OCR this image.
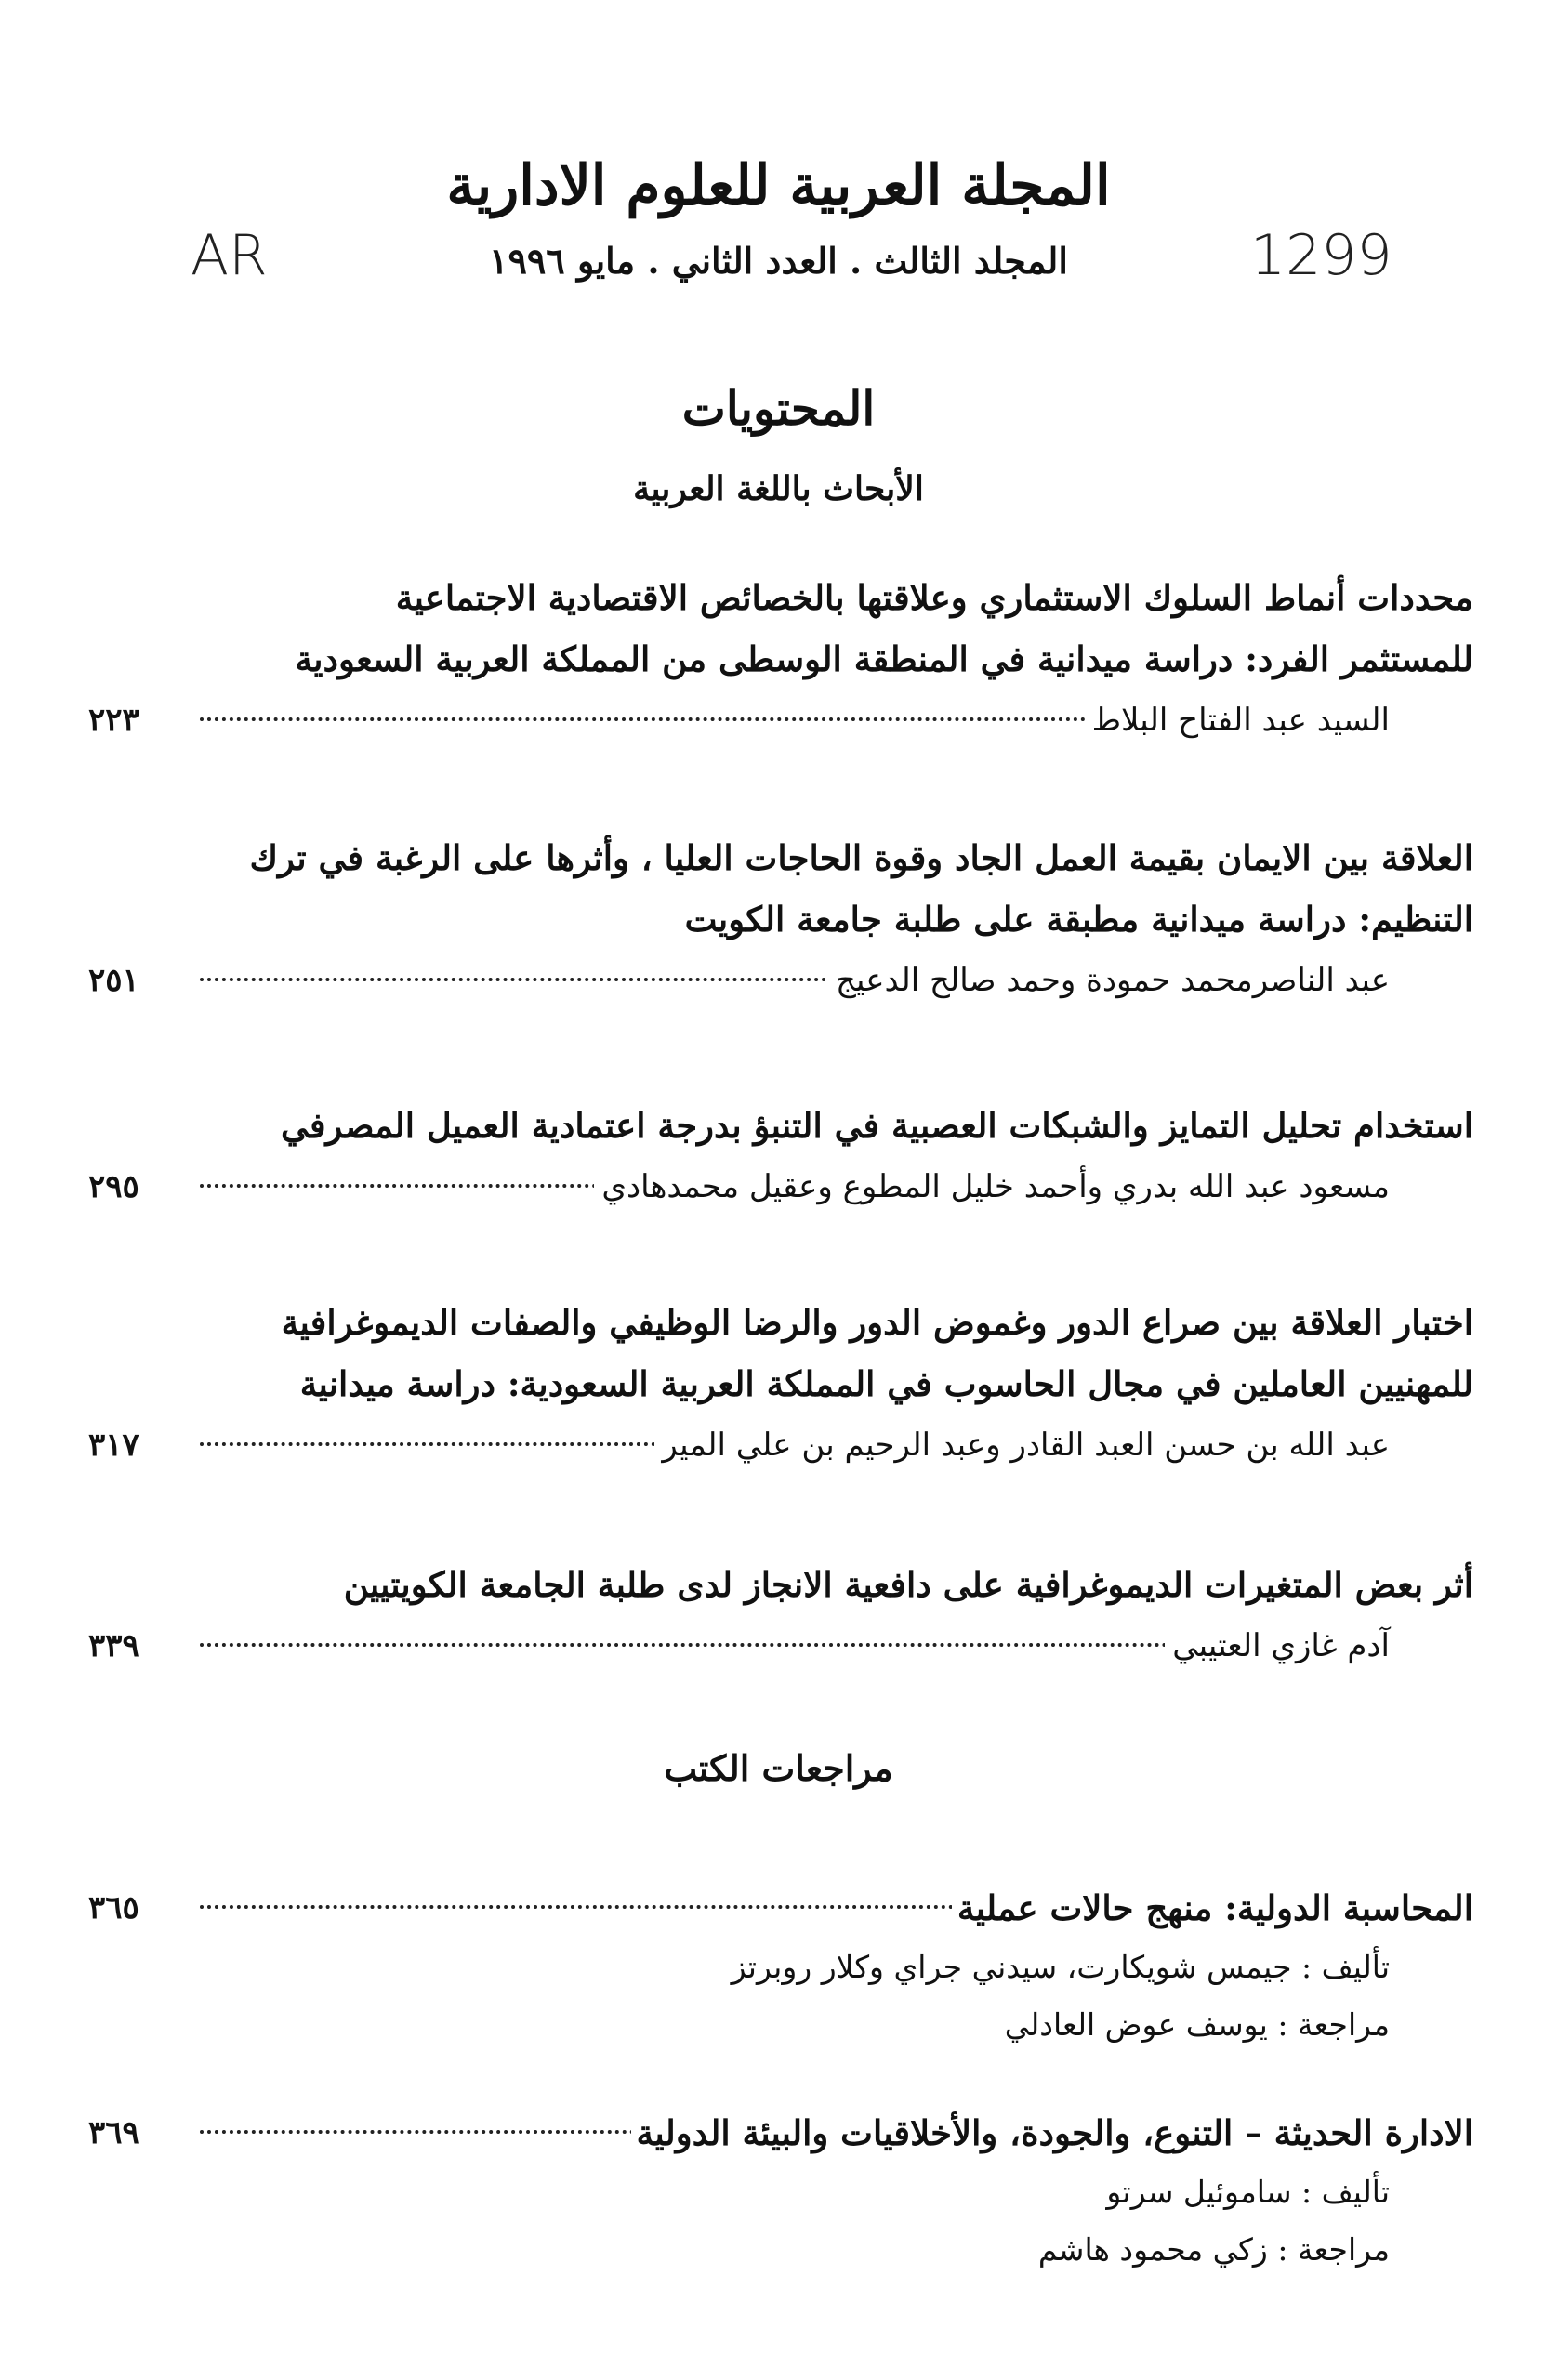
المجلة العربية للعلوم الادارية
المجلد الثالث . العدد الثاني . مايو ١٩٩٦
AR	1299
المحتويات
الأبحاث باللغة العربية
محددات أنماط السلوك الاستثماري وعلاقتها بالخصائص الاقتصادية الاجتماعية
للمستثمر الفرد: دراسة ميدانية في المنطقة الوسطى من المملكة العربية السعودية
السيد عبد الفتاح البلاط
٢٢٣
العلاقة بين الايمان بقيمة العمل الجاد وقوة الحاجات العليا ، وأثرها على الرغبة في ترك
التنظيم: دراسة ميدانية مطبقة على طلبة جامعة الكويت
عبد الناصرمحمد حمودة وحمد صالح الدعيج
٢٥١
استخدام تحليل التمايز والشبكات العصبية في التنبؤ بدرجة اعتمادية العميل المصرفي
مسعود عبد الله بدري وأحمد خليل المطوع وعقيل محمدهادي
٢٩٥
اختبار العلاقة بين صراع الدور وغموض الدور والرضا الوظيفي والصفات الديموغرافية
للمهنيين العاملين في مجال الحاسوب في المملكة العربية السعودية: دراسة ميدانية
عبد الله بن حسن العبد القادر وعبد الرحيم بن علي المير
٣١٧
أثر بعض المتغيرات الديموغرافية على دافعية الانجاز لدى طلبة الجامعة الكويتيين
آدم غازي العتيبي
٣٣٩
مراجعات الكتب
المحاسبة الدولية: منهج حالات عملية
٣٦٥
تأليف : جيمس شويكارت، سيدني جراي وكلار روبرتز
مراجعة : يوسف عوض العادلي
الادارة الحديثة – التنوع، والجودة، والأخلاقيات والبيئة الدولية
٣٦٩
تأليف : ساموئيل سرتو
مراجعة : زكي محمود هاشم
